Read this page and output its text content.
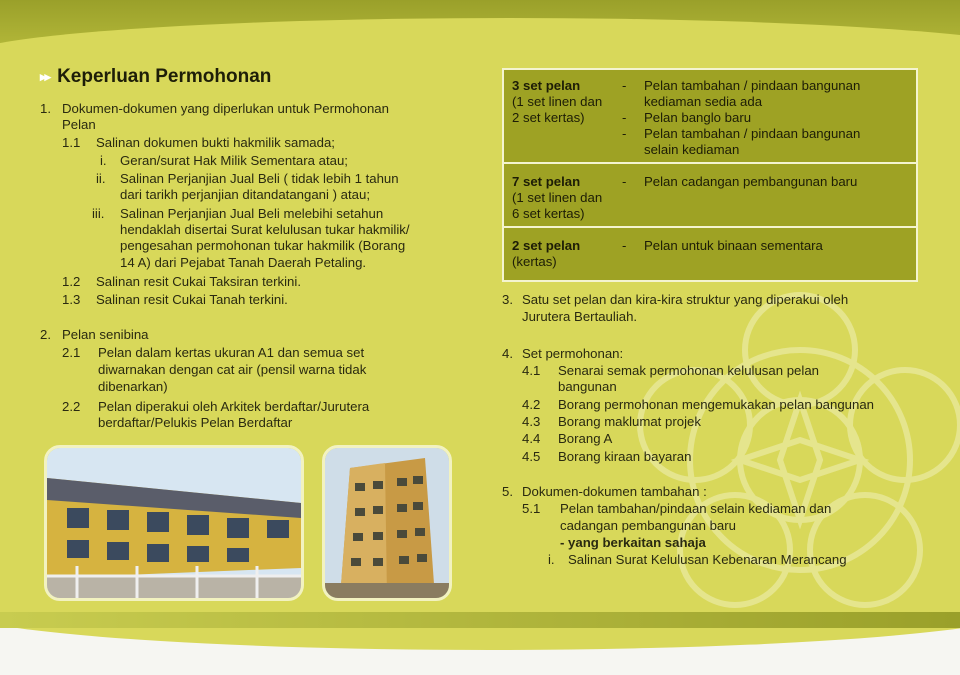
▸▸ Keperluan Permohonan
1. Dokumen-dokumen yang diperlukan untuk Permohonan
Pelan
1.1 Salinan dokumen bukti hakmilik samada;
i. Geran/surat Hak Milik Sementara atau;
ii. Salinan Perjanjian Jual Beli ( tidak lebih 1 tahun
dari tarikh perjanjian ditandatangani ) atau;
iii. Salinan Perjanjian Jual Beli melebihi setahun
hendaklah disertai Surat kelulusan tukar hakmilik/
pengesahan permohonan tukar hakmilik (Borang
14 A) dari Pejabat Tanah Daerah Petaling.
1.2 Salinan resit Cukai Taksiran terkini.
1.3 Salinan resit Cukai Tanah terkini.
2. Pelan senibina
2.1 Pelan dalam kertas ukuran A1 dan semua set
diwarnakan dengan cat air (pensil warna tidak
dibenarkan)
2.2 Pelan diperakui oleh Arkitek berdaftar/Jurutera
berdaftar/Pelukis Pelan Berdaftar
3 set pelan
(1 set linen dan
2 set kertas)
- Pelan tambahan / pindaan bangunan
kediaman sedia ada
- Pelan banglo baru
- Pelan tambahan / pindaan bangunan
selain kediaman
7 set pelan
(1 set linen dan
6 set kertas)
- Pelan cadangan pembangunan baru
2 set pelan
(kertas)
- Pelan untuk binaan sementara
3. Satu set pelan dan kira-kira struktur yang diperakui oleh
Jurutera Bertauliah.
4. Set permohonan:
4.1 Senarai semak permohonan kelulusan pelan
bangunan
4.2 Borang permohonan mengemukakan pelan bangunan
4.3 Borang maklumat projek
4.4 Borang A
4.5 Borang kiraan bayaran
5. Dokumen-dokumen tambahan :
5.1 Pelan tambahan/pindaan selain kediaman dan
cadangan pembangunan baru
- yang berkaitan sahaja
i. Salinan Surat Kelulusan Kebenaran Merancang
